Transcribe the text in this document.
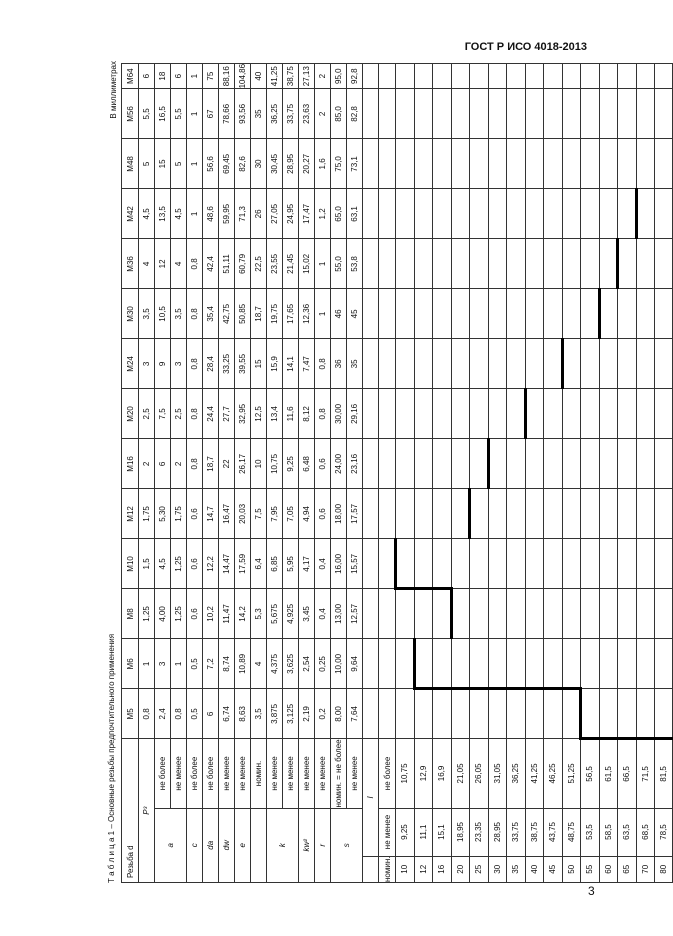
ГОСТ Р ИСО 4018-2013
Т а б л и ц а 1 – Основные резьбы предпочтительного применения
В миллиметрах
Резьба d			M5	M6	M8	M10	M12	M16	M20	M24	M30	M36	M42	M48	M56	M64
P³			0,8	1	1,25	1,5	1,75	2	2,5	3	3,5	4	4,5	5	5,5	6
a		не более	2,4	3	4,00	4,5	5,30	6	7,5	9	10,5	12	13,5	15	16,5	18
		не менее	0,8	1	1,25	1,25	1,75	2	2,5	3	3,5	4	4,5	5	5,5	6
c		не более	0,5	0,5	0,6	0,6	0,6	0,8	0,8	0,8	0,8	0,8	1	1	1	1
da		не более	6	7,2	10,2	12,2	14,7	18,7	24,4	28,4	35,4	42,4	48,6	56,6	67	75
dw		не менее	6,74	8,74	11,47	14,47	16,47	22	27,7	33,25	42,75	51,11	59,95	69,45	78,66	88,16
e		не менее	8,63	10,89	14,2	17,59	20,03	26,17	32,95	39,55	50,85	60,79	71,3	82,6	93,56	104,86
		номин.	3,5	4	5,3	6,4	7,5	10	12,5	15	18,7	22,5	26	30	35	40
k		не менее	3,875	4,375	5,675	6,85	7,95	10,75	13,4	15,9	19,75	23,55	27,05	30,45	36,25	41,25
		не менее	3,125	3,625	4,925	5,95	7,05	9,25	11,6	14,1	17,65	21,45	24,95	28,95	33,75	38,75
kw²		не менее	2,19	2,54	3,45	4,17	4,94	6,48	8,12	7,47	12,36	15,02	17,47	20,27	23,63	27,13
r		не менее	0,2	0,25	0,4	0,4	0,6	0,6	0,8	0,8	1	1	1,2	1,6	2	2
s		номин. = не более	8,00	10,00	13,00	16,00	18,00	24,00	30,00	36	46	55,0	65,0	75,0	85,0	95,0
		не менее	7,64	9,64	12,57	15,57	17,57	23,16	29,16	35	45	53,8	63,1	73,1	82,8	92,8
	l															
номин.	не менее	не более														
10	9,25	10,75														
12	11,1	12,9														
16	15,1	16,9														
20	18,95	21,05														
25	23,35	26,05														
30	28,95	31,05														
35	33,75	36,25														
40	38,75	41,25														
45	43,75	46,25														
50	48,75	51,25														
55	53,5	56,5														
60	58,5	61,5														
65	63,5	66,5														
70	68,5	71,5														
80	78,5	81,5														
3
